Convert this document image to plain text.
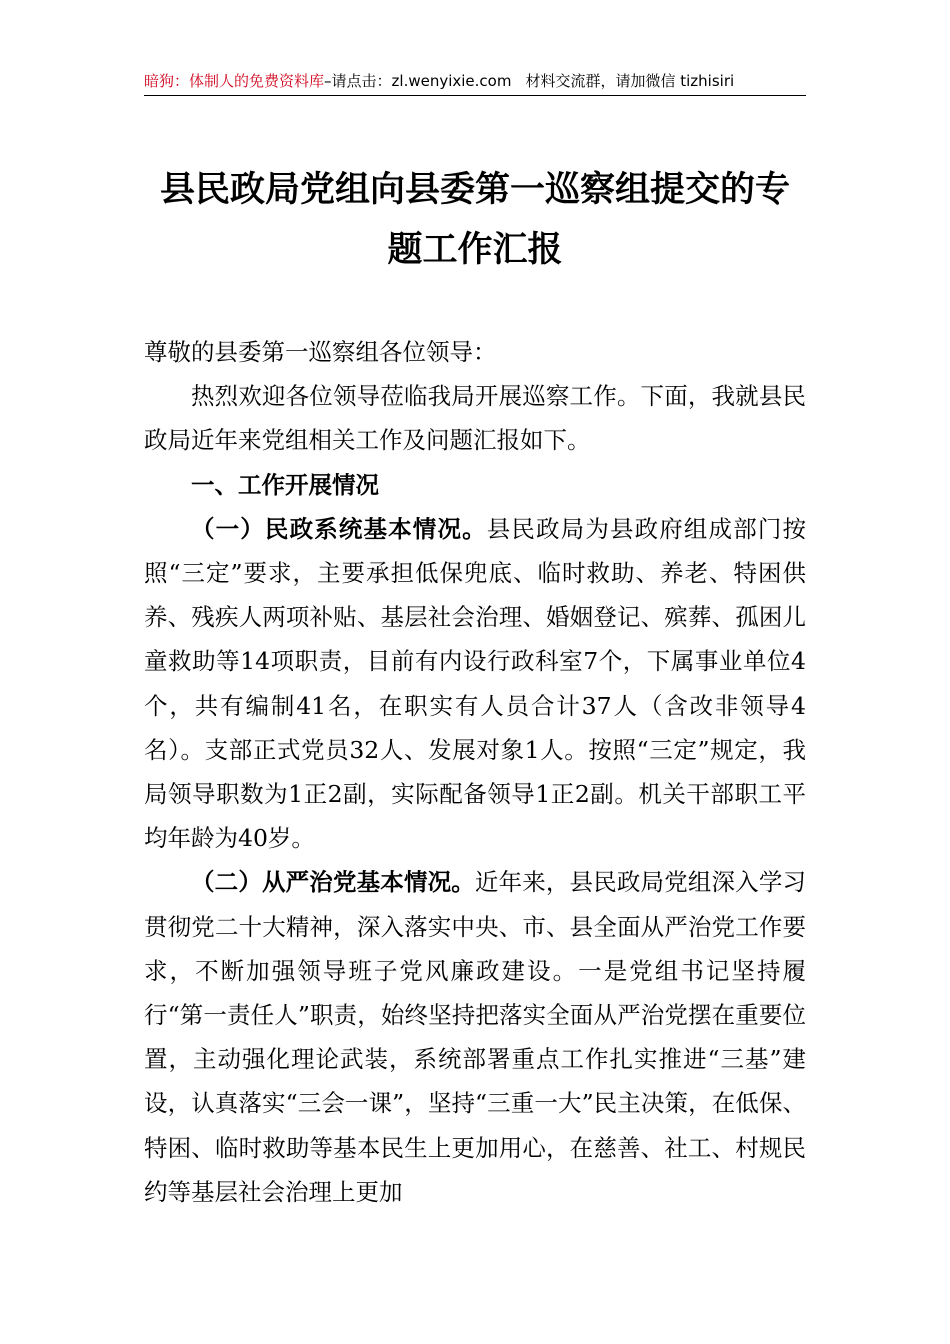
暗狗：体制人的免费资料库–请点击：zl.wenyixie.com 材料交流群，请加微信 tizhisiri
县民政局党组向县委第一巡察组提交的专
题工作汇报

尊敬的县委第一巡察组各位领导：

热烈欢迎各位领导莅临我局开展巡察工作。下面，我就县民政局近年来党组相关工作及问题汇报如下。

一、工作开展情况

（一）民政系统基本情况。县民政局为县政府组成部门按照“三定”要求，主要承担低保兜底、临时救助、养老、特困供养、残疾人两项补贴、基层社会治理、婚姻登记、殡葬、孤困儿童救助等14项职责，目前有内设行政科室7个，下属事业单位4个，共有编制41名，在职实有人员合计37人（含改非领导4名）。支部正式党员32人、发展对象1人。按照“三定”规定，我局领导职数为1正2副，实际配备领导1正2副。机关干部职工平均年龄为40岁。

（二）从严治党基本情况。近年来，县民政局党组深入学习贯彻党二十大精神，深入落实中央、市、县全面从严治党工作要求，不断加强领导班子党风廉政建设。一是党组书记坚持履行“第一责任人”职责，始终坚持把落实全面从严治党摆在重要位置，主动强化理论武装，系统部署重点工作扎实推进“三基”建设，认真落实“三会一课”，坚持“三重一大”民主决策，在低保、特困、临时救助等基本民生上更加用心，在慈善、社工、村规民约等基层社会治理上更加
